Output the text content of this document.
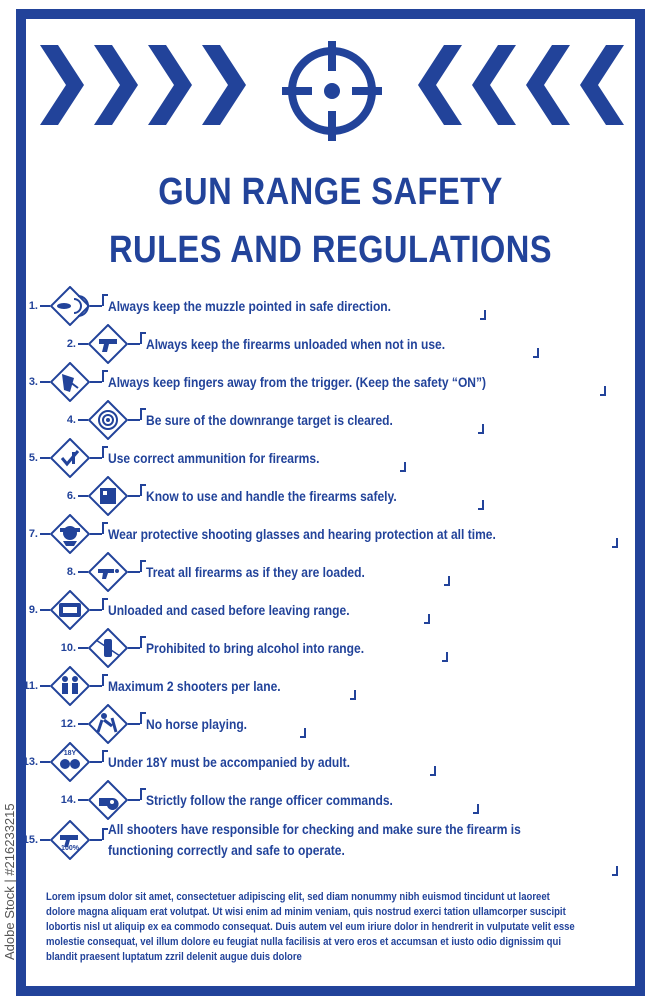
GUN RANGE SAFETY
RULES AND REGULATIONS
1.	Always keep the muzzle pointed in safe direction.
2.	Always keep the firearms unloaded when not in use.
3.	Always keep fingers away from the trigger. (Keep the safety “ON”)
4.	Be sure of the downrange target is cleared.
5.	Use correct ammunition for firearms.
6.	Know to use and handle the firearms safely.
7.	Wear protective shooting glasses and hearing protection at all time.
8.	Treat all firearms as if they are loaded.
9.	Unloaded and cased before leaving range.
10.	Prohibited to bring alcohol into range.
11.	Maximum 2 shooters per lane.
12.	No horse playing.
13.
18Y
Under 18Y must be accompanied by adult.
14.	Strictly follow the range officer commands.
15.
100%
All shooters have responsible for checking and make sure the firearm is functioning correctly and safe to operate.
Lorem ipsum dolor sit amet, consectetuer adipiscing elit, sed diam nonummy nibh euismod tincidunt ut laoreet dolore magna aliquam erat volutpat. Ut wisi enim ad minim veniam, quis nostrud exerci tation ullamcorper suscipit lobortis nisl ut aliquip ex ea commodo consequat. Duis autem vel eum iriure dolor in hendrerit in vulputate velit esse molestie consequat, vel illum dolore eu feugiat nulla facilisis at vero eros et accumsan et iusto odio dignissim qui blandit praesent luptatum zzril delenit augue duis dolore
Adobe Stock | #216233215
